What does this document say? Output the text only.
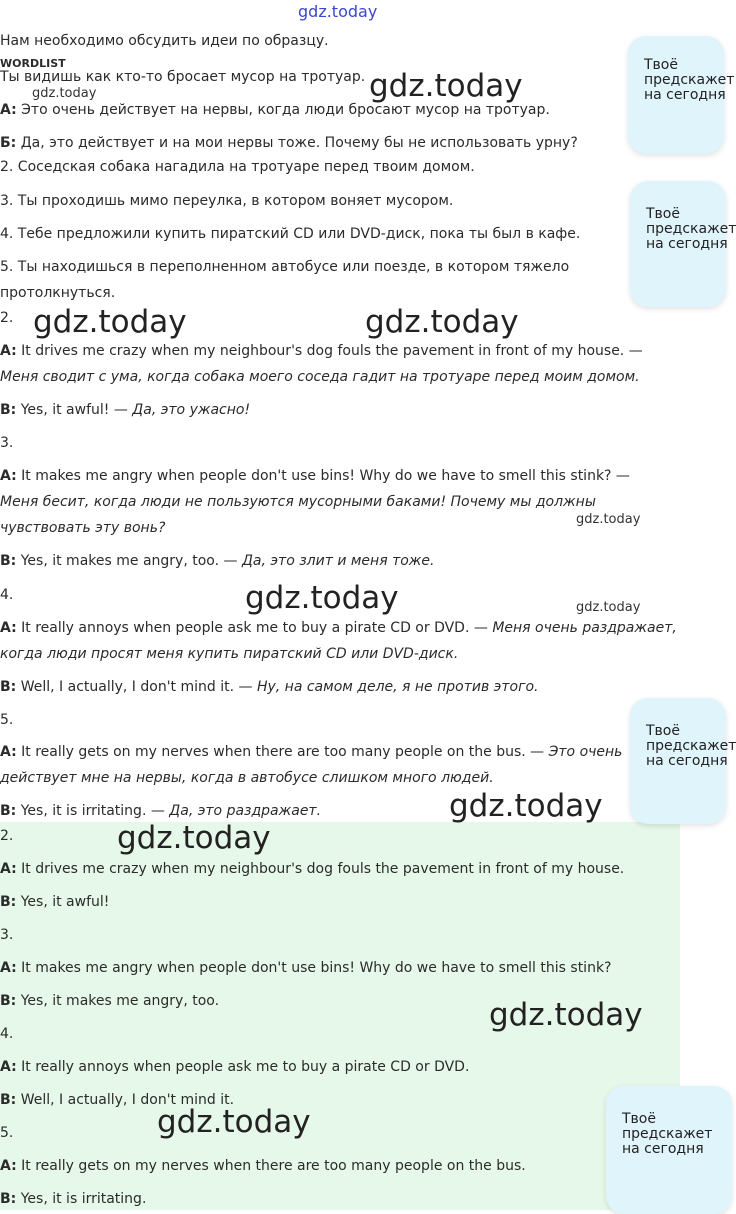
Нам необходимо обсудить идеи по образцу.
WORDLIST
Ты видишь как кто-то бросает мусор на тротуар.
A: Это очень действует на нервы, когда люди бросают мусор на тротуар.
Б: Да, это действует и на мои нервы тоже. Почему бы не использовать урну?
2. Соседская собака нагадила на тротуаре перед твоим домом.
3. Ты проходишь мимо переулка, в котором воняет мусором.
4. Тебе предложили купить пиратский CD или DVD-диск, пока ты был в кафе.
5. Ты находишься в переполненном автобусе или поезде, в котором тяжело
протолкнуться.
2.
A: It drives me crazy when my neighbour's dog fouls the pavement in front of my house. —
Меня сводит с ума, когда собака моего соседа гадит на тротуаре перед моим домом.
B: Yes, it awful! — Да, это ужасно!
3.
A: It makes me angry when people don't use bins! Why do we have to smell this stink? —
Меня бесит, когда люди не пользуются мусорными баками! Почему мы должны
чувствовать эту вонь?
B: Yes, it makes me angry, too. — Да, это злит и меня тоже.
4.
A: It really annoys when people ask me to buy a pirate CD or DVD. — Меня очень раздражает,
когда люди просят меня купить пиратский CD или DVD-диск.
B: Well, I actually, I don't mind it. — Ну, на самом деле, я не против этого.
5.
A: It really gets on my nerves when there are too many people on the bus. — Это очень
действует мне на нервы, когда в автобусе слишком много людей.
B: Yes, it is irritating. — Да, это раздражает.
2.
A: It drives me crazy when my neighbour's dog fouls the pavement in front of my house.
B: Yes, it awful!
3.
A: It makes me angry when people don't use bins! Why do we have to smell this stink?
B: Yes, it makes me angry, too.
4.
A: It really annoys when people ask me to buy a pirate CD or DVD.
B: Well, I actually, I don't mind it.
5.
A: It really gets on my nerves when there are too many people on the bus.
B: Yes, it is irritating.
gdz.today
gdz.today
gdz.today
gdz.today	gdz.today
gdz.today
gdz.today	gdz.today
gdz.today
gdz.today
gdz.today
gdz.today
Твоё
предскажет
на сегодня
Твоё
предскажет
на сегодня
Твоё
предскажет
на сегодня
Твоё
предскажет
на сегодня
